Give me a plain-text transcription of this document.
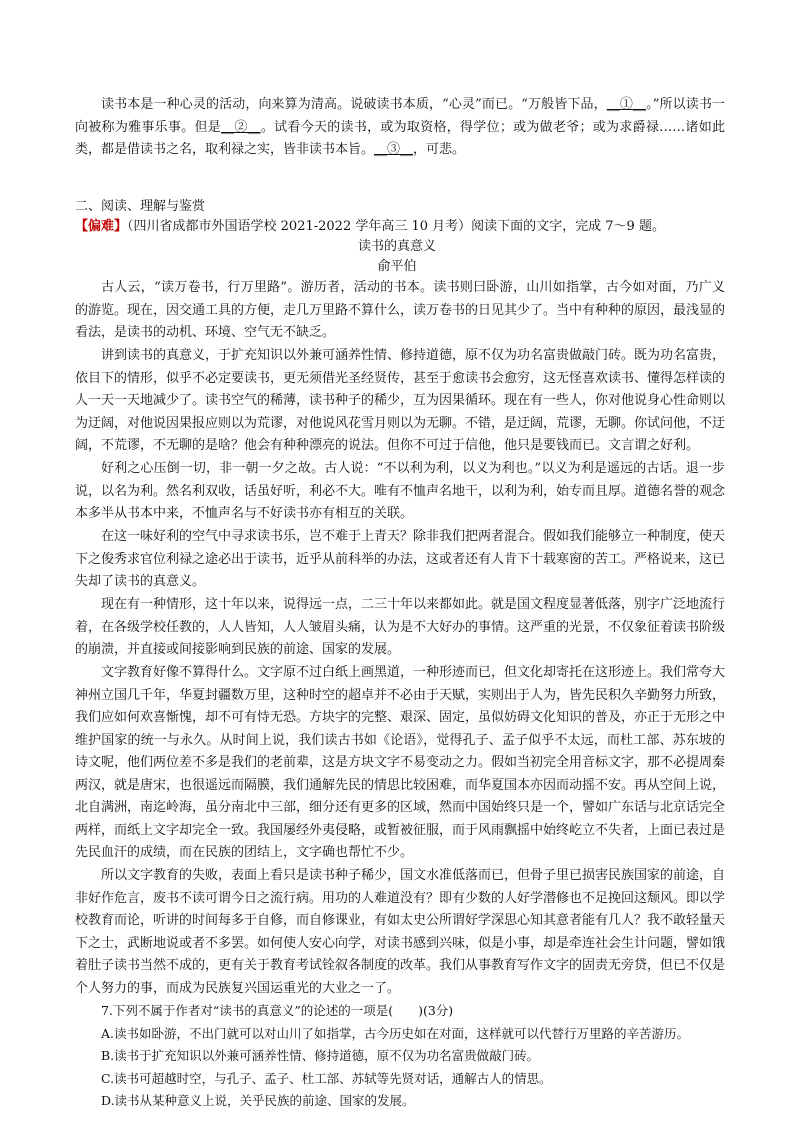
读书本是一种心灵的活动，向来算为清高。说破读书本质，“心灵”而已。“万般皆下品，__①__。”所以读书一向被称为雅事乐事。但是__②__。试看今天的读书，或为取资格，得学位；或为做老爷；或为求爵禄……诸如此类，都是借读书之名，取利禄之实，皆非读书本旨。__③__，可悲。

二、阅读、理解与鉴赏

【偏难】（四川省成都市外国语学校 2021-2022 学年高三 10 月考）阅读下面的文字，完成 7～9 题。

读书的真意义

俞平伯

古人云，“读万卷书，行万里路”。游历者，活动的书本。读书则曰卧游，山川如指掌，古今如对面，乃广义的游览。现在，因交通工具的方便，走几万里路不算什么，读万卷书的日见其少了。当中有种种的原因，最浅显的看法，是读书的动机、环境、空气无不缺乏。

讲到读书的真意义，于扩充知识以外兼可涵养性情、修持道德，原不仅为功名富贵做敲门砖。既为功名富贵，依目下的情形，似乎不必定要读书，更无须借光圣经贤传，甚至于愈读书会愈穷，这无怪喜欢读书、懂得怎样读的人一天一天地减少了。读书空气的稀薄，读书种子的稀少，互为因果循环。现在有一些人，你对他说身心性命则以为迂阔，对他说因果报应则以为荒谬，对他说风花雪月则以为无聊。不错，是迂阔，荒谬，无聊。你试问他，不迂阔，不荒谬，不无聊的是啥？他会有种种漂亮的说法。但你不可过于信他，他只是要钱而已。文言谓之好利。

好利之心压倒一切，非一朝一夕之故。古人说：“不以利为利，以义为利也。”以义为利是遥远的古话。退一步说，以名为利。然名利双收，话虽好听，利必不大。唯有不恤声名地干，以利为利，始专而且厚。道德名誉的观念本多半从书本中来，不恤声名与不好读书亦有相互的关联。

在这一味好利的空气中寻求读书乐，岂不难于上青天？除非我们把两者混合。假如我们能够立一种制度，使天下之俊秀求官位利禄之途必出于读书，近乎从前科举的办法，这或者还有人肯下十载寒窗的苦工。严格说来，这已失却了读书的真意义。

现在有一种情形，这十年以来，说得远一点，二三十年以来都如此。就是国文程度显著低落，别字广泛地流行着，在各级学校任教的，人人皆知，人人皱眉头痛，认为是不大好办的事情。这严重的光景，不仅象征着读书阶级的崩溃，并直接或间接影响到民族的前途、国家的发展。

文字教育好像不算得什么。文字原不过白纸上画黑道，一种形迹而已，但文化却寄托在这形迹上。我们常夸大神州立国几千年，华夏封疆数万里，这种时空的超卓并不必由于天赋，实则出于人为，皆先民积久辛勤努力所致，我们应如何欢喜惭愧，却不可有恃无恐。方块字的完整、艰深、固定，虽似妨碍文化知识的普及，亦正于无形之中维护国家的统一与永久。从时间上说，我们读古书如《论语》，觉得孔子、孟子似乎不太远，而杜工部、苏东坡的诗文呢，他们两位差不多是我们的老前辈，这是方块文字不易变动之力。假如当初完全用音标文字，那不必提周秦两汉，就是唐宋，也很遥远而隔膜，我们通解先民的情思比较困难，而华夏国本亦因而动摇不安。再从空间上说，北自满洲，南迄岭海，虽分南北中三部，细分还有更多的区域，然而中国始终只是一个，譬如广东话与北京话完全两样，而纸上文字却完全一致。我国屡经外夷侵略，或暂被征服，而于风雨飘摇中始终屹立不失者，上面已表过是先民血汗的成绩，而在民族的团结上，文字确也帮忙不少。

所以文字教育的失败，表面上看只是读书种子稀少，国文水准低落而已，但骨子里已损害民族国家的前途，自非好作危言，废书不读可谓今日之流行病。用功的人难道没有？即有少数的人好学潜修也不足挽回这颓风。即以学校教育而论，听讲的时间每多于自修，而自修课业，有如太史公所谓好学深思心知其意者能有几人？我不敢轻量天下之士，武断地说或者不多罢。如何使人安心向学，对读书感到兴味，似是小事，却是牵连社会生计问题，譬如饿着肚子读书当然不成的，更有关于教育考试铨叙各制度的改革。我们从事教育写作文字的固责无旁贷，但已不仅是个人努力的事，而成为民族复兴国运重光的大业之一了。

7.下列不属于作者对“读书的真意义”的论述的一项是(　　)(3分)

A.读书如卧游，不出门就可以对山川了如指掌，古今历史如在对面，这样就可以代替行万里路的辛苦游历。

B.读书于扩充知识以外兼可涵养性情、修持道德，原不仅为功名富贵做敲门砖。

C.读书可超越时空，与孔子、孟子、杜工部、苏轼等先贤对话，通解古人的情思。

D.读书从某种意义上说，关乎民族的前途、国家的发展。
